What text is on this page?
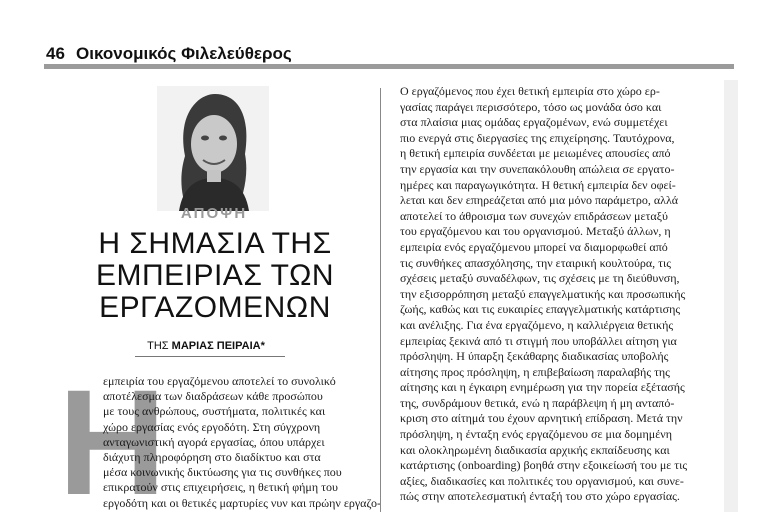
46 Οικονομικός Φιλελεύθερος
ΑΠΟΨΗ
Η ΣΗΜΑΣΙΑ ΤΗΣ
ΕΜΠΕΙΡΙΑΣ ΤΩΝ
ΕΡΓΑΖΟΜΕΝΩΝ
ΤΗΣ ΜΑΡΙΑΣ ΠΕΙΡΑΙΑ*
Η
εμπειρία του εργαζόμενου αποτελεί το συνολικό
αποτέλεσμα των διαδράσεων κάθε προσώπου
με τους ανθρώπους, συστήματα, πολιτικές και
χώρο εργασίας ενός εργοδότη. Στη σύγχρονη
ανταγωνιστική αγορά εργασίας, όπου υπάρχει
διάχυτη πληροφόρηση στο διαδίκτυο και στα
μέσα κοινωνικής δικτύωσης για τις συνθήκες που
επικρατούν στις επιχειρήσεις, η θετική φήμη του
εργοδότη και οι θετικές μαρτυρίες νυν και πρώην εργαζο-
Ο εργαζόμενος που έχει θετική εμπειρία στο χώρο ερ-
γασίας παράγει περισσότερο, τόσο ως μονάδα όσο και
στα πλαίσια μιας ομάδας εργαζομένων, ενώ συμμετέχει
πιο ενεργά στις διεργασίες της επιχείρησης. Ταυτόχρονα,
η θετική εμπειρία συνδέεται με μειωμένες απουσίες από
την εργασία και την συνεπακόλουθη απώλεια σε εργατο-
ημέρες και παραγωγικότητα. Η θετική εμπειρία δεν οφεί-
λεται και δεν επηρεάζεται από μια μόνο παράμετρο, αλλά
αποτελεί το άθροισμα των συνεχών επιδράσεων μεταξύ
του εργαζόμενου και του οργανισμού. Μεταξύ άλλων, η
εμπειρία ενός εργαζόμενου μπορεί να διαμορφωθεί από
τις συνθήκες απασχόλησης, την εταιρική κουλτούρα, τις
σχέσεις μεταξύ συναδέλφων, τις σχέσεις με τη διεύθυνση,
την εξισορρόπηση μεταξύ επαγγελματικής και προσωπικής
ζωής, καθώς και τις ευκαιρίες επαγγελματικής κατάρτισης
και ανέλιξης. Για ένα εργαζόμενο, η καλλιέργεια θετικής
εμπειρίας ξεκινά από τι στιγμή που υποβάλλει αίτηση για
πρόσληψη. Η ύπαρξη ξεκάθαρης διαδικασίας υποβολής
αίτησης προς πρόσληψη, η επιβεβαίωση παραλαβής της
αίτησης και η έγκαιρη ενημέρωση για την πορεία εξέτασής
της, συνδράμουν θετικά, ενώ η παράβλεψη ή μη ανταπό-
κριση στο αίτημά του έχουν αρνητική επίδραση. Μετά την
πρόσληψη, η ένταξη ενός εργαζόμενου σε μια δομημένη
και ολοκληρωμένη διαδικασία αρχικής εκπαίδευσης και
κατάρτισης (onboarding) βοηθά στην εξοικείωσή του με τις
αξίες, διαδικασίες και πολιτικές του οργανισμού, και συνε-
πώς στην αποτελεσματική ένταξή του στο χώρο εργασίας.
